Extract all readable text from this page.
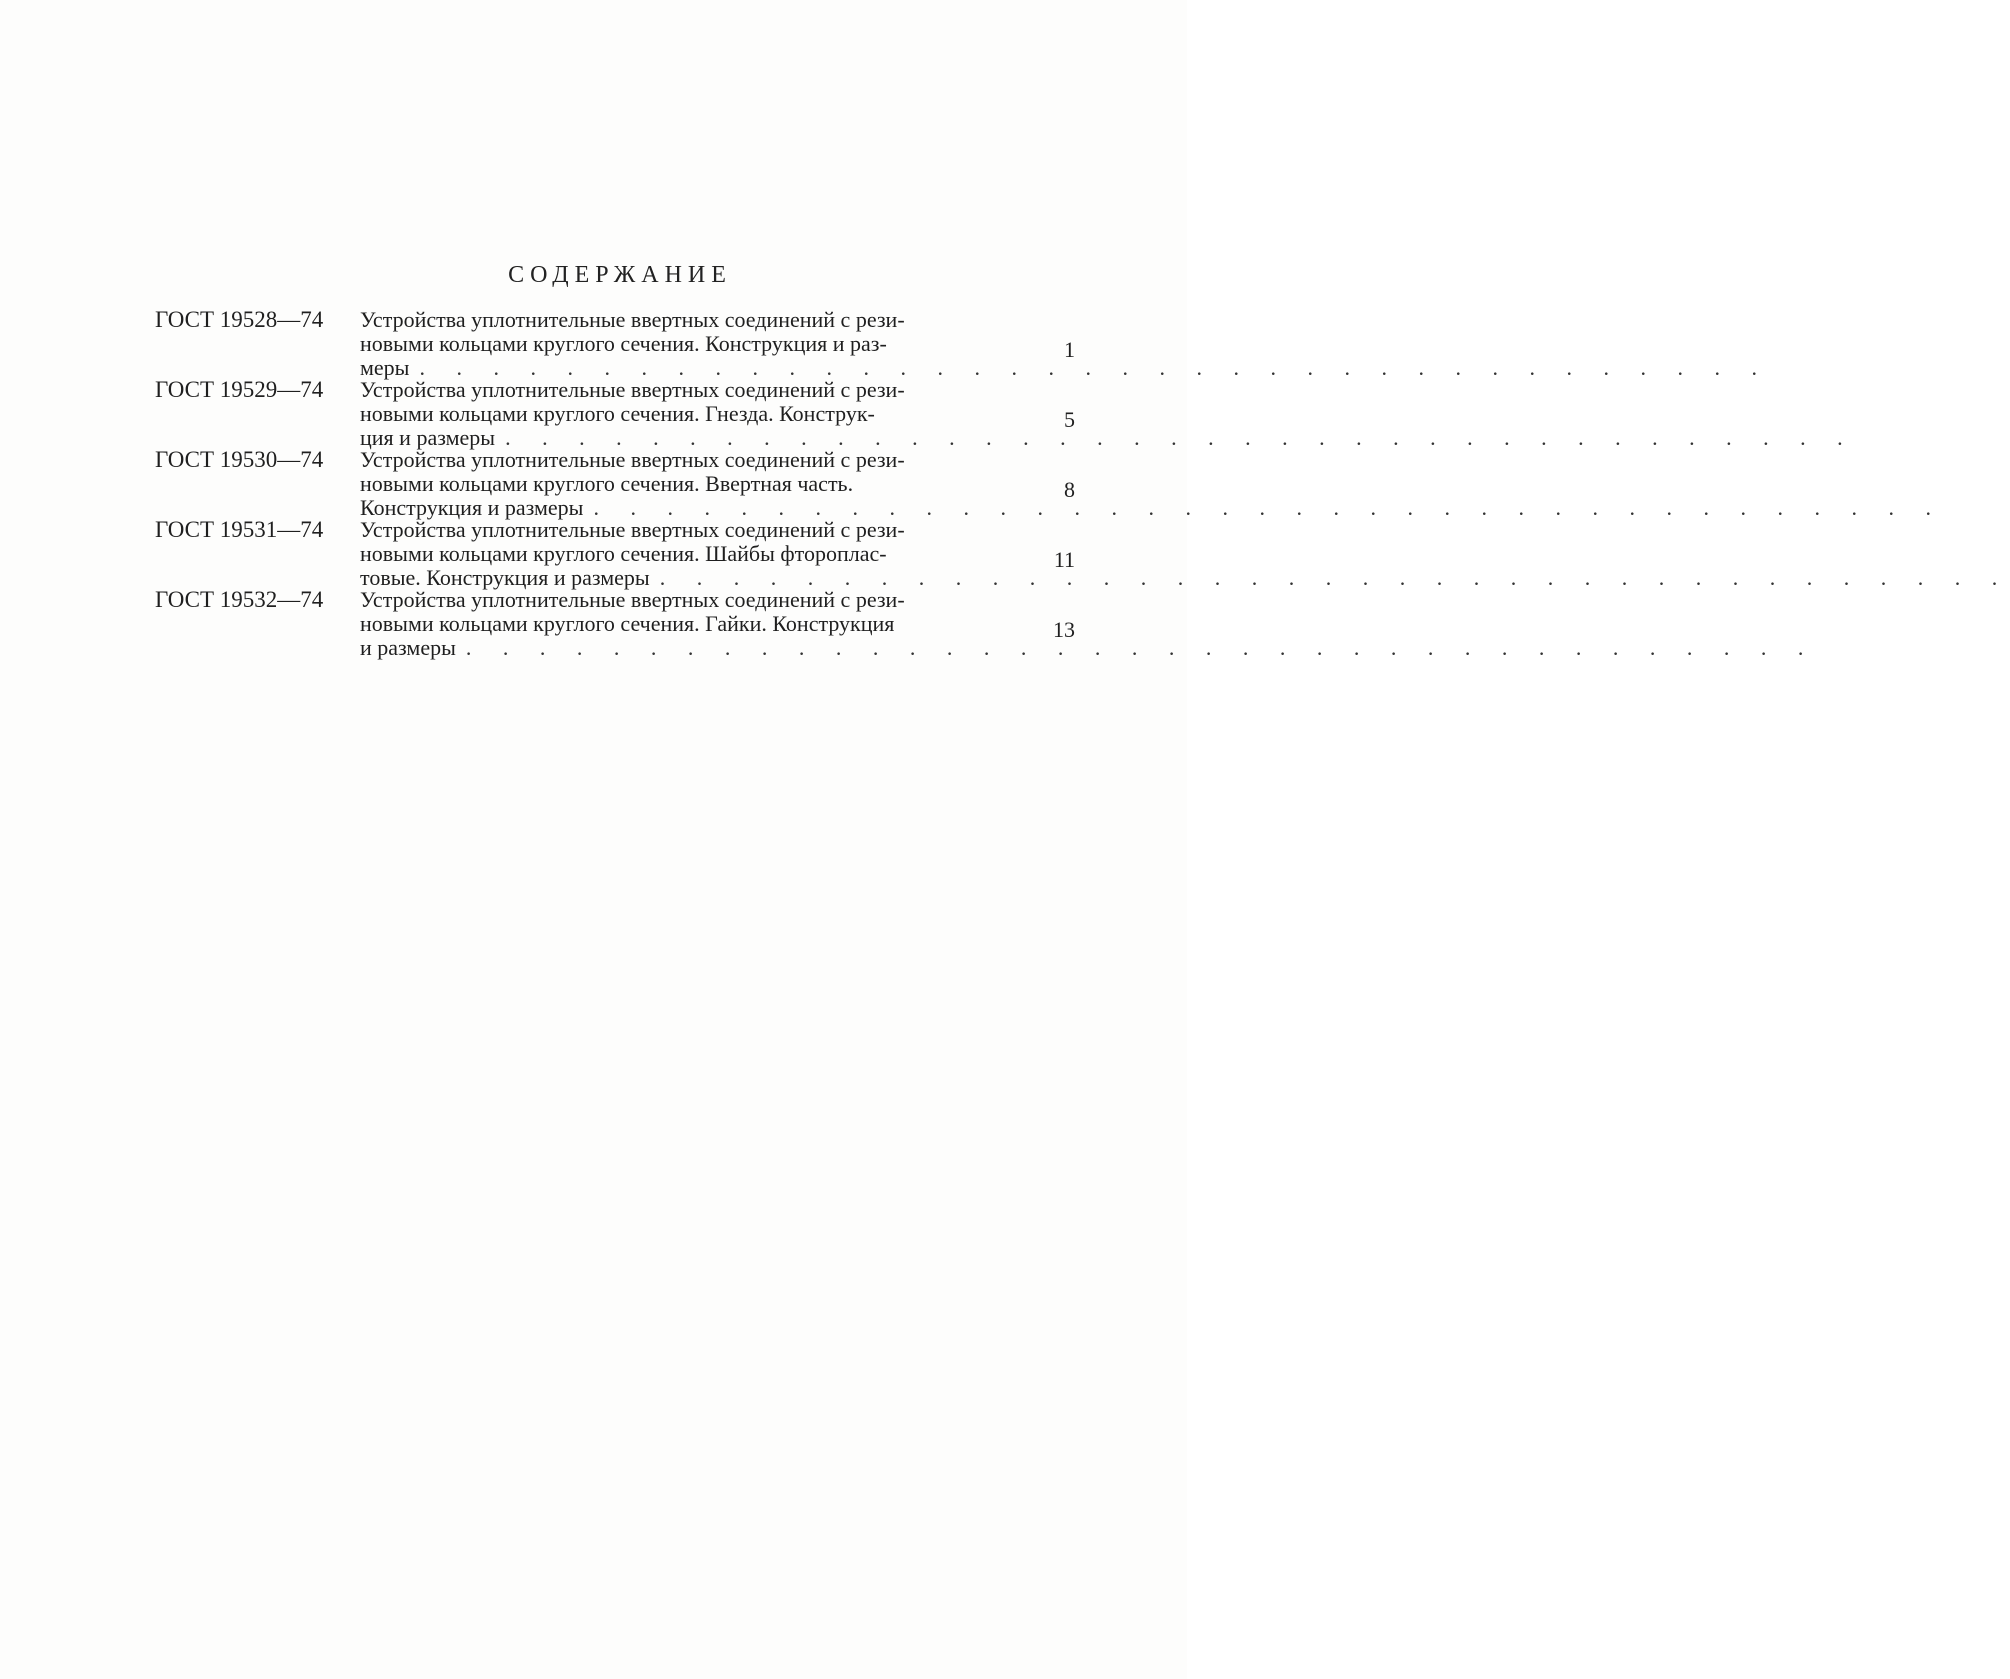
СОДЕРЖАНИЕ
ГОСТ 19528—74	Устройства уплотнительные ввертных соединений с рези-
новыми кольцами круглого сечения. Конструкция и раз-
меры . . . . . . . . . . . . . . . . . . . . . . . . . . . . . . . . . . . . .
1
ГОСТ 19529—74	Устройства уплотнительные ввертных соединений с рези-
новыми кольцами круглого сечения. Гнезда. Конструк-
ция и размеры . . . . . . . . . . . . . . . . . . . . . . . . . . . . . . . . . . . . .
5
ГОСТ 19530—74	Устройства уплотнительные ввертных соединений с рези-
новыми кольцами круглого сечения. Ввертная часть.
Конструкция и размеры . . . . . . . . . . . . . . . . . . . . . . . . . . . . . . . . . . . . .
8
ГОСТ 19531—74	Устройства уплотнительные ввертных соединений с рези-
новыми кольцами круглого сечения. Шайбы фтороплас-
товые. Конструкция и размеры . . . . . . . . . . . . . . . . . . . . . . . . . . . . . . . . . . . . .
11
ГОСТ 19532—74	Устройства уплотнительные ввертных соединений с рези-
новыми кольцами круглого сечения. Гайки. Конструкция
и размеры . . . . . . . . . . . . . . . . . . . . . . . . . . . . . . . . . . . . .
13
